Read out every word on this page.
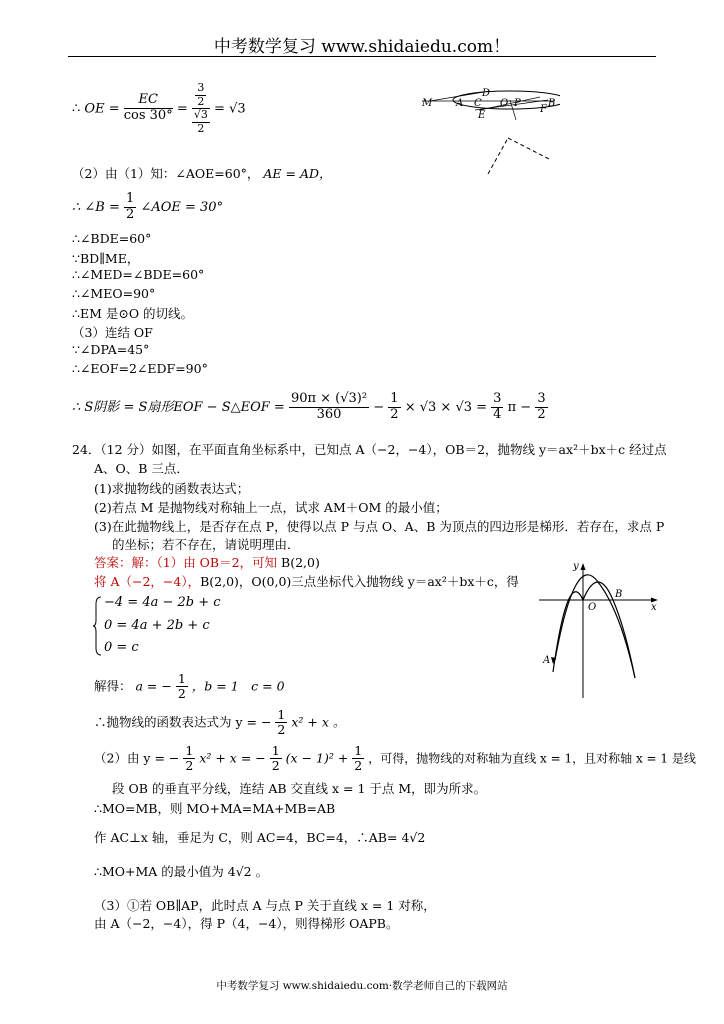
中考数学复习 www.shidaiedu.com！
中考数学复习 www.shidaiedu.com·数学老师自己的下载网站
∴ OE = $\frac{EC}{\cos 30^\circ} = \frac{\frac{3}{2}}{\frac{√3}{2}} = √3$	M A C
D
O P
F
B
E
（2）由（1）知：∠AOE=60°， AE = AD，
∴ ∠B = $\frac{1}{2}$ ∠AOE = 30°
∴∠BDE=60°
∵BD∥ME，
∴∠MED=∠BDE=60°
∴∠MEO=90°
∴EM 是⊙O 的切线。
（3）连结 OF
∵∠DPA=45°
∴∠EOF=2∠EDF=90°
∴ S阴影 = S扇形EOF − S△EOF = $\frac{\text{90π × (√3)²}}{360} - \frac{1}{2} \times √3 \times √3 = \frac{3}{4}$ $\pi - \frac{3}{2}$
24．（12 分）如图，在平面直角坐标系中，已知点 A（−2，−4），OB＝2，抛物线 y＝ax²＋bx＋c 经过点
A、O、B 三点．
(1)求抛物线的函数表达式；
(2)若点 M 是抛物线对称轴上一点，试求 AM＋OM 的最小值；
(3)在此抛物线上，是否存在点 P，使得以点 P 与点 O、A、B 为顶点的四边形是梯形．若存在，求点 P
的坐标；若不存在，请说明理由．
答案：解：（1）由 OB＝2，可知 B(2,0)
将 A（−2，−4），B(2,0)，O(0,0)三点坐标代入抛物线 y＝ax²＋bx＋c，得
−4 = 4a − 2b + c
0 = 4a + 2b + c
0 = c
解得： a = − $\frac{1}{2}$ ，b = 1　c = 0
∴抛物线的函数表达式为 y = − $\frac{1}{2} x^2 + x$ 。
（2）由 y = − $\frac{1}{2} x^2 + x$ = − $\frac{1}{2} (x - 1)^2 + \frac{1}{2}$ ，可得，抛物线的对称轴为直线 x = 1，且对称轴 x = 1 是线
段 OB 的垂直平分线，连结 AB 交直线 x = 1 于点 M，即为所求。
∴MO=MB，则 MO+MA=MA+MB=AB
作 AC⊥x 轴，垂足为 C，则 AC=4，BC=4，∴AB= 4√2
∴MO+MA 的最小值为 4√2 。
（3）①若 OB∥AP，此时点 A 与点 P 关于直线 x = 1 对称，
由 A（−2，−4），得 P（4，−4），则得梯形 OAPB。
y
x
O
B
A
